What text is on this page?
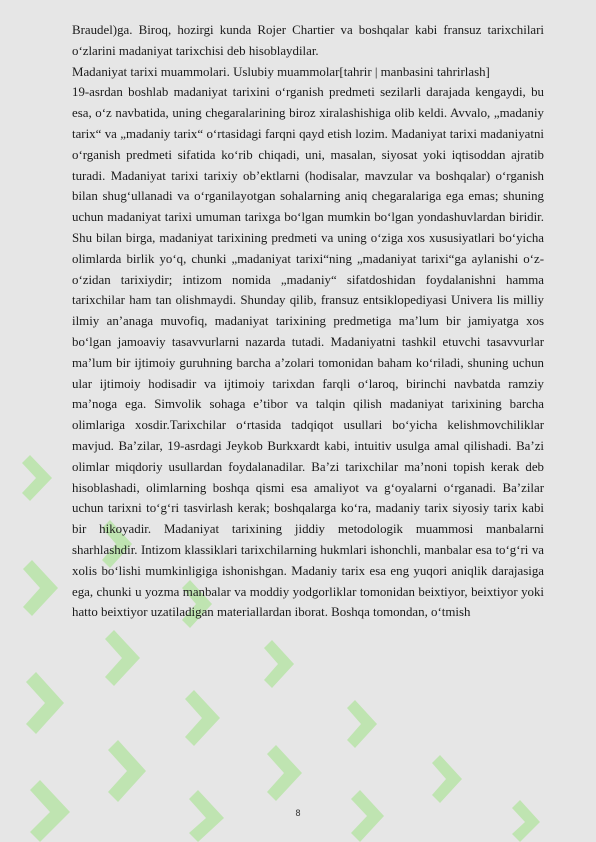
Braudel)ga. Biroq, hozirgi kunda Rojer Chartier va boshqalar kabi fransuz tarixchilari oʻzlarini madaniyat tarixchisi deb hisoblaydilar.

Madaniyat tarixi muammolari. Uslubiy muammolar[tahrir | manbasini tahrirlash]

19-asrdan boshlab madaniyat tarixini oʻrganish predmeti sezilarli darajada kengaydi, bu esa, oʻz navbatida, uning chegaralarining biroz xiralashishiga olib keldi. Avvalo, „madaniy tarix“ va „madaniy tarix“ oʻrtasidagi farqni qayd etish lozim. Madaniyat tarixi madaniyatni oʻrganish predmeti sifatida koʻrib chiqadi, uni, masalan, siyosat yoki iqtisoddan ajratib turadi. Madaniyat tarixi tarixiy obʼektlarni (hodisalar, mavzular va boshqalar) oʻrganish bilan shugʻullanadi va oʻrganilayotgan sohalarning aniq chegaralariga ega emas; shuning uchun madaniyat tarixi umuman tarixga boʻlgan mumkin boʻlgan yondashuvlardan biridir. Shu bilan birga, madaniyat tarixining predmeti va uning oʻziga xos xususiyatlari boʻyicha olimlarda birlik yoʻq, chunki „madaniyat tarixi“ning „madaniyat tarixi“ga aylanishi oʻz-oʻzidan tarixiydir; intizom nomida „madaniy“ sifatdoshidan foydalanishni hamma tarixchilar ham tan olishmaydi. Shunday qilib, fransuz entsiklopediyasi Univera lis milliy ilmiy anʼanaga muvofiq, madaniyat tarixining predmetiga maʼlum bir jamiyatga xos boʻlgan jamoaviy tasavvurlarni nazarda tutadi. Madaniyatni tashkil etuvchi tasavvurlar maʼlum bir ijtimoiy guruhning barcha aʼzolari tomonidan baham koʻriladi, shuning uchun ular ijtimoiy hodisadir va ijtimoiy tarixdan farqli oʻlaroq, birinchi navbatda ramziy maʼnoga ega. Simvolik sohaga eʼtibor va talqin qilish madaniyat tarixining barcha olimlariga xosdir.Tarixchilar oʻrtasida tadqiqot usullari boʻyicha kelishmovchiliklar mavjud. Baʼzilar, 19-asrdagi Jeykob Burkxardt kabi, intuitiv usulga amal qilishadi. Baʼzi olimlar miqdoriy usullardan foydalanadilar. Baʼzi tarixchilar maʼnoni topish kerak deb hisoblashadi, olimlarning boshqa qismi esa amaliyot va gʻoyalarni oʻrganadi. Baʼzilar uchun tarixni toʻgʻri tasvirlash kerak; boshqalarga koʻra, madaniy tarix siyosiy tarix kabi bir hikoyadir. Madaniyat tarixining jiddiy metodologik muammosi manbalarni sharhlashdir. Intizom klassiklari tarixchilarning hukmlari ishonchli, manbalar esa toʻgʻri va xolis boʻlishi mumkinligiga ishonishgan. Madaniy tarix esa eng yuqori aniqlik darajasiga ega, chunki u yozma manbalar va moddiy yodgorliklar tomonidan beixtiyor, beixtiyor yoki hatto beixtiyor uzatiladigan materiallardan iborat. Boshqa tomondan, oʻtmish

8
